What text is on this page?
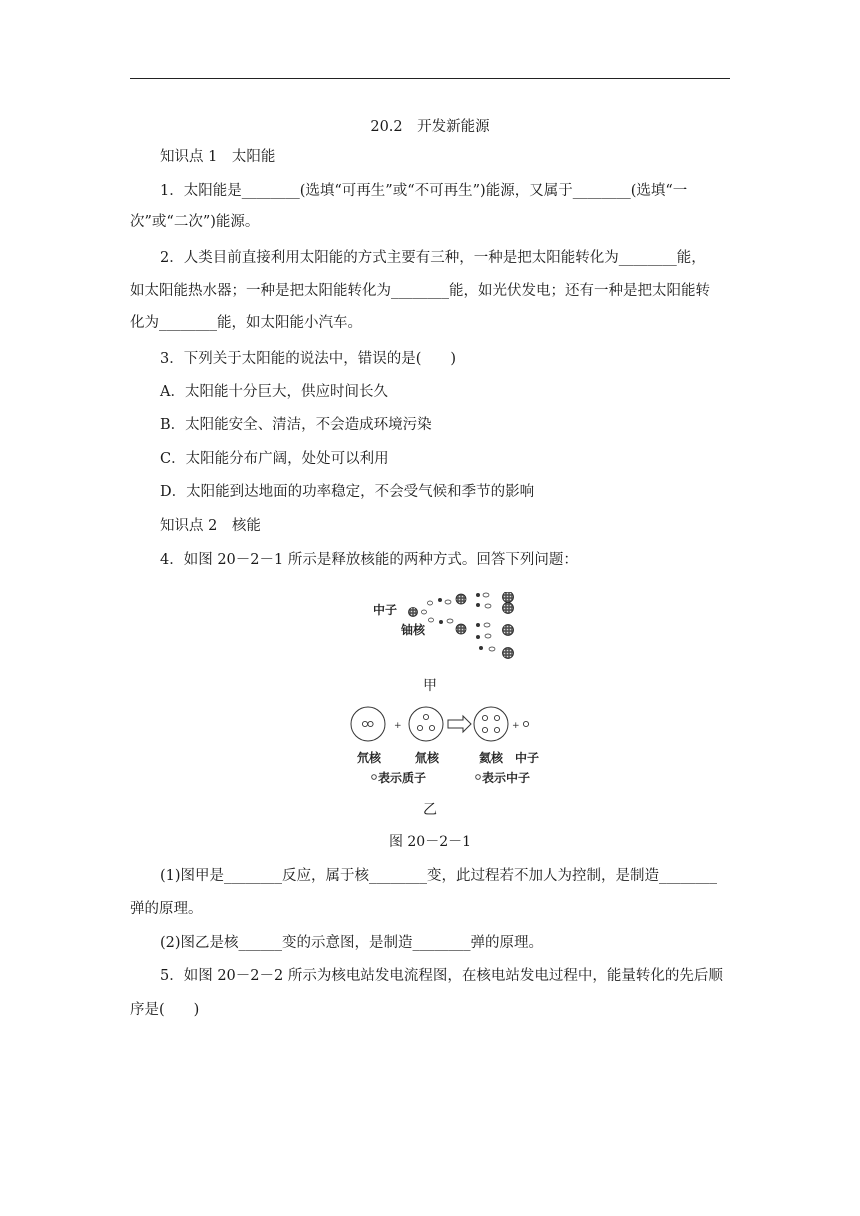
20.2　开发新能源
知识点 1　太阳能
1．太阳能是________(选填“可再生”或“不可再生”)能源，又属于________(选填“一
次”或“二次”)能源。
2．人类目前直接利用太阳能的方式主要有三种，一种是把太阳能转化为________能，
如太阳能热水器；一种是把太阳能转化为________能，如光伏发电；还有一种是把太阳能转
化为________能，如太阳能小汽车。
3．下列关于太阳能的说法中，错误的是(　　)
A．太阳能十分巨大，供应时间长久
B．太阳能安全、清洁，不会造成环境污染
C．太阳能分布广阔，处处可以利用
D．太阳能到达地面的功率稳定，不会受气候和季节的影响
知识点 2　核能
4．如图 20－2－1 所示是释放核能的两种方式。回答下列问题：
中子
铀核
甲
+	+
氘核	氚核	氦核 中子
表示质子	表示中子
乙
图 20－2－1
(1)图甲是________反应，属于核________变，此过程若不加人为控制，是制造________
弹的原理。
(2)图乙是核______变的示意图，是制造________弹的原理。
5．如图 20－2－2 所示为核电站发电流程图，在核电站发电过程中，能量转化的先后顺
序是(　　)
